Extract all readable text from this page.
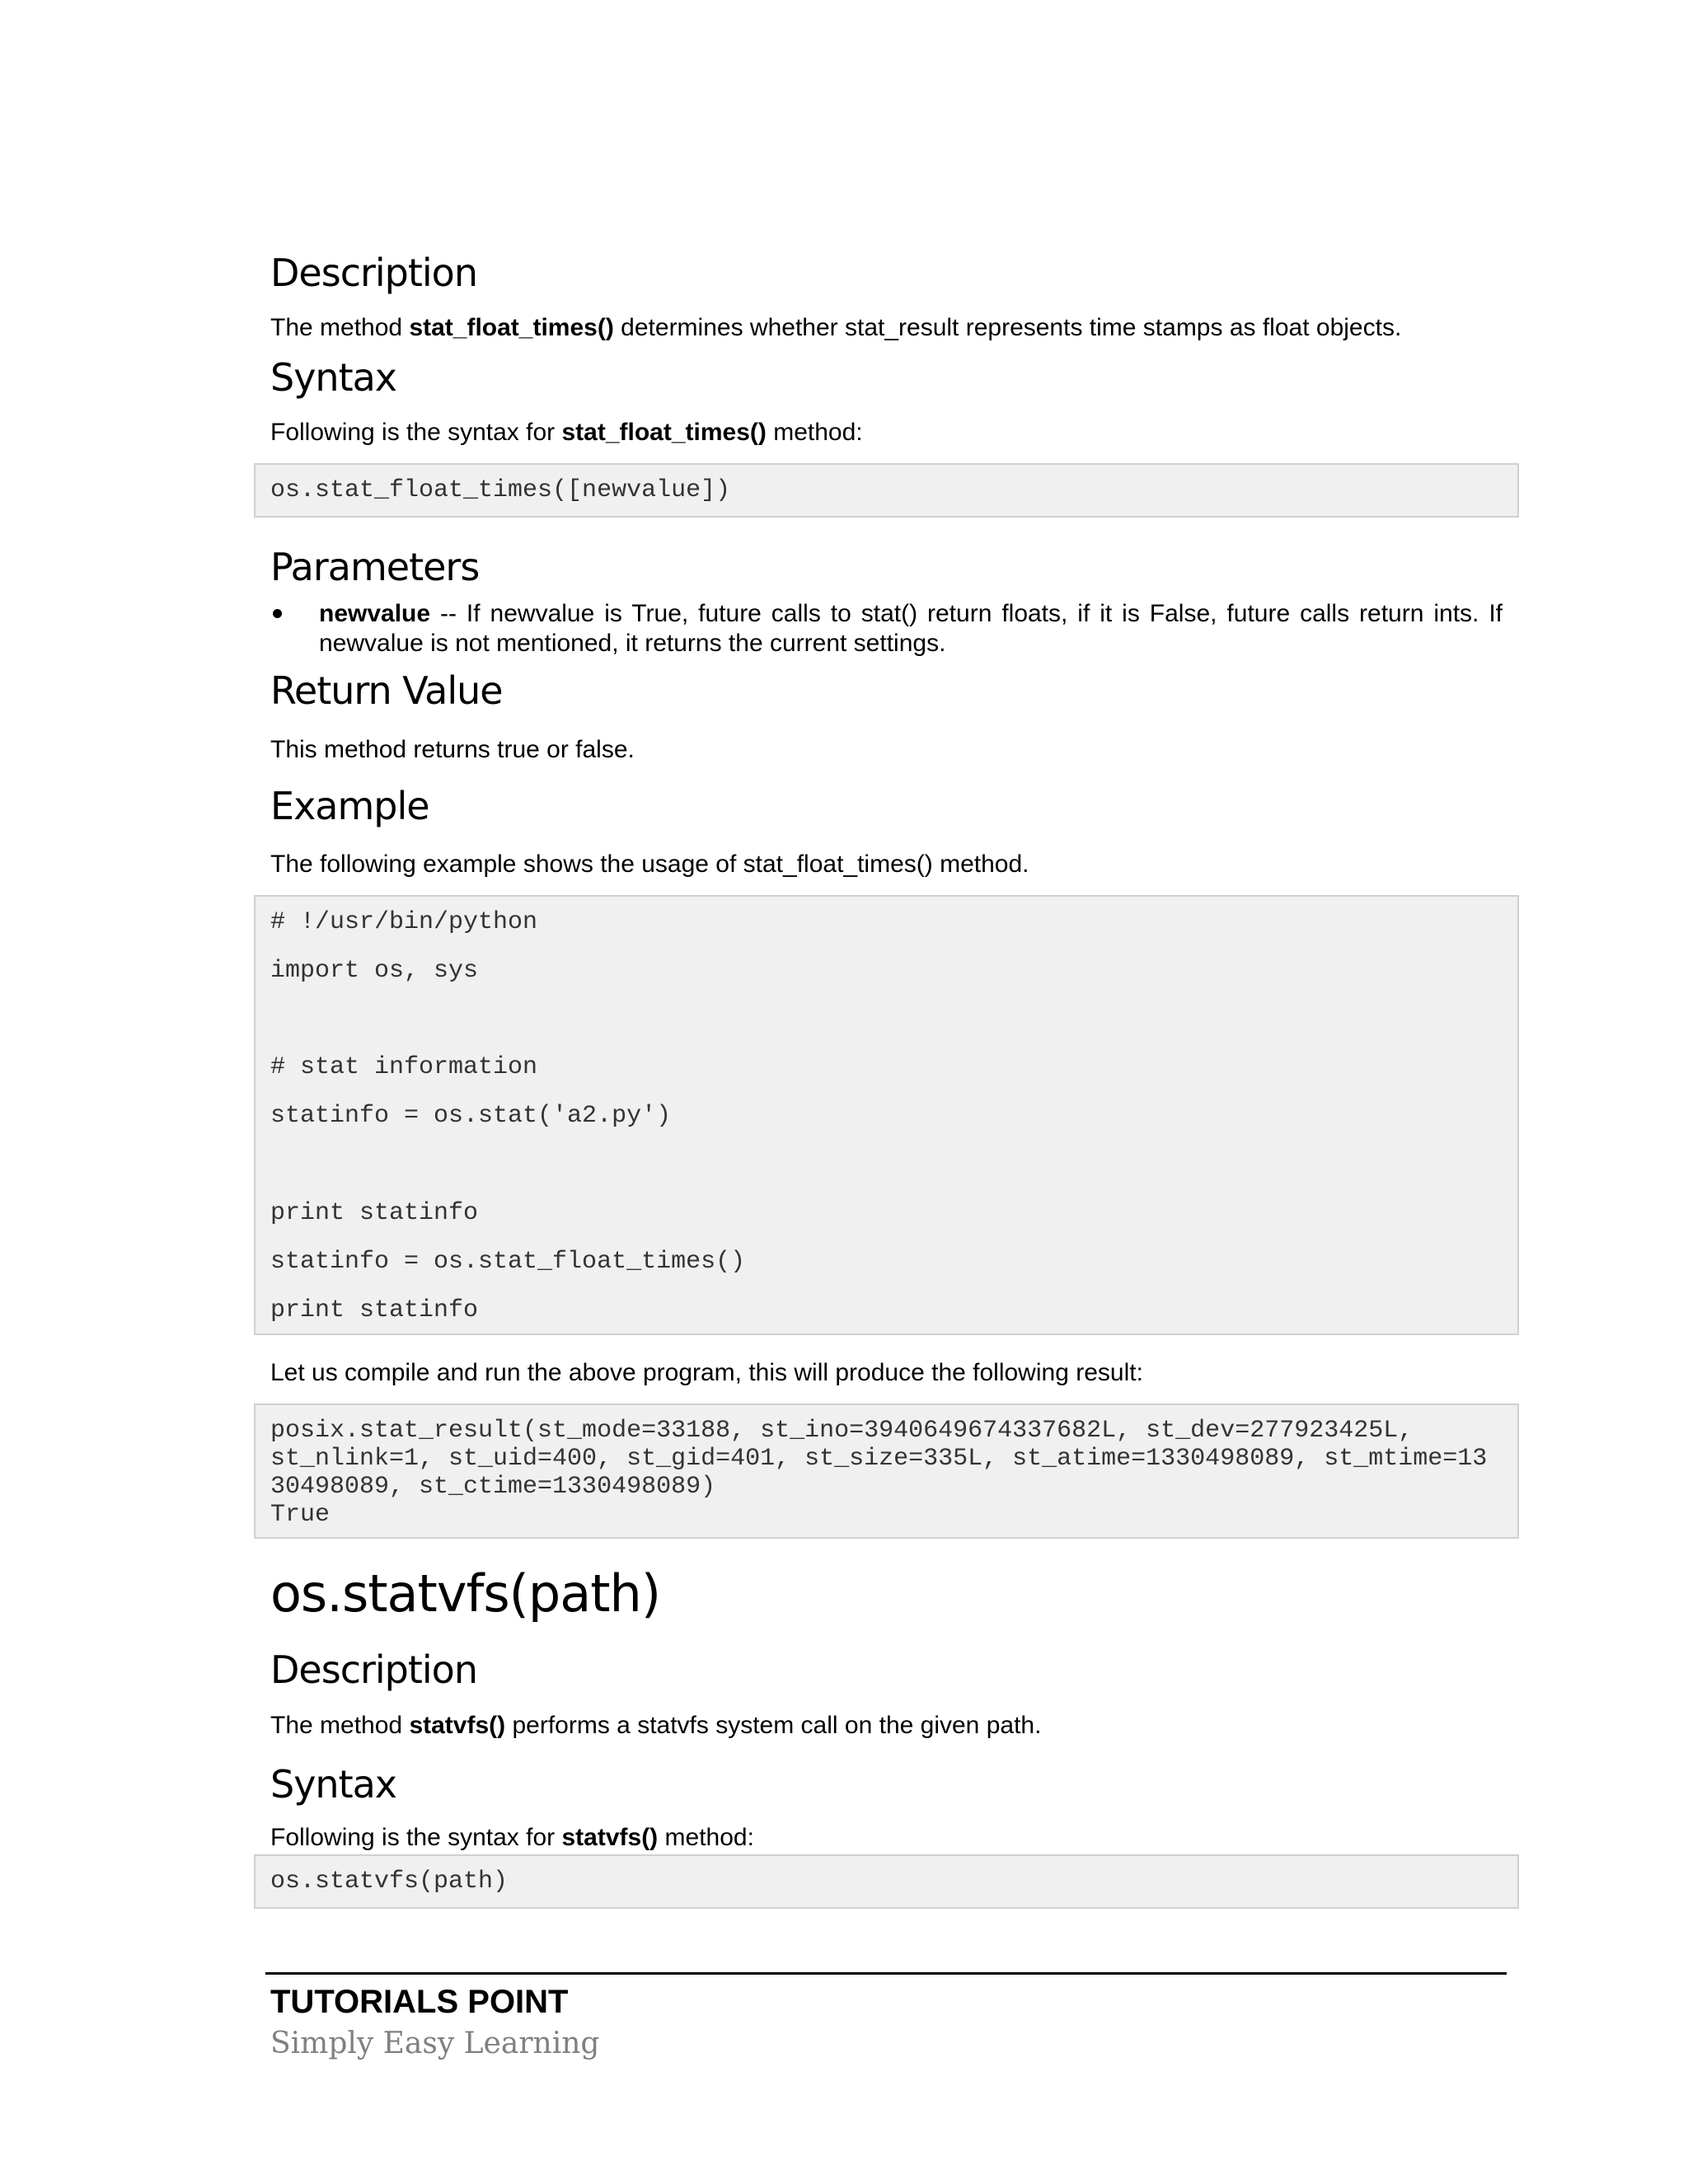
Description
The method stat_float_times() determines whether stat_result represents time stamps as float objects.
Syntax
Following is the syntax for stat_float_times() method:
os.stat_float_times([newvalue])
Parameters
newvalue -- If newvalue is True, future calls to stat() return floats, if it is False, future calls return ints. If newvalue is not mentioned, it returns the current settings.
Return Value
This method returns true or false.
Example
The following example shows the usage of stat_float_times() method.
# !/usr/bin/python
import os, sys
# stat information
statinfo = os.stat('a2.py')
print statinfo
statinfo = os.stat_float_times()
print statinfo
Let us compile and run the above program, this will produce the following result:
posix.stat_result(st_mode=33188, st_ino=3940649674337682L, st_dev=277923425L,
st_nlink=1, st_uid=400, st_gid=401, st_size=335L, st_atime=1330498089, st_mtime=13
30498089, st_ctime=1330498089)
True
os.statvfs(path)
Description
The method statvfs() performs a statvfs system call on the given path.
Syntax
Following is the syntax for statvfs() method:
os.statvfs(path)
TUTORIALS POINT
Simply Easy Learning
